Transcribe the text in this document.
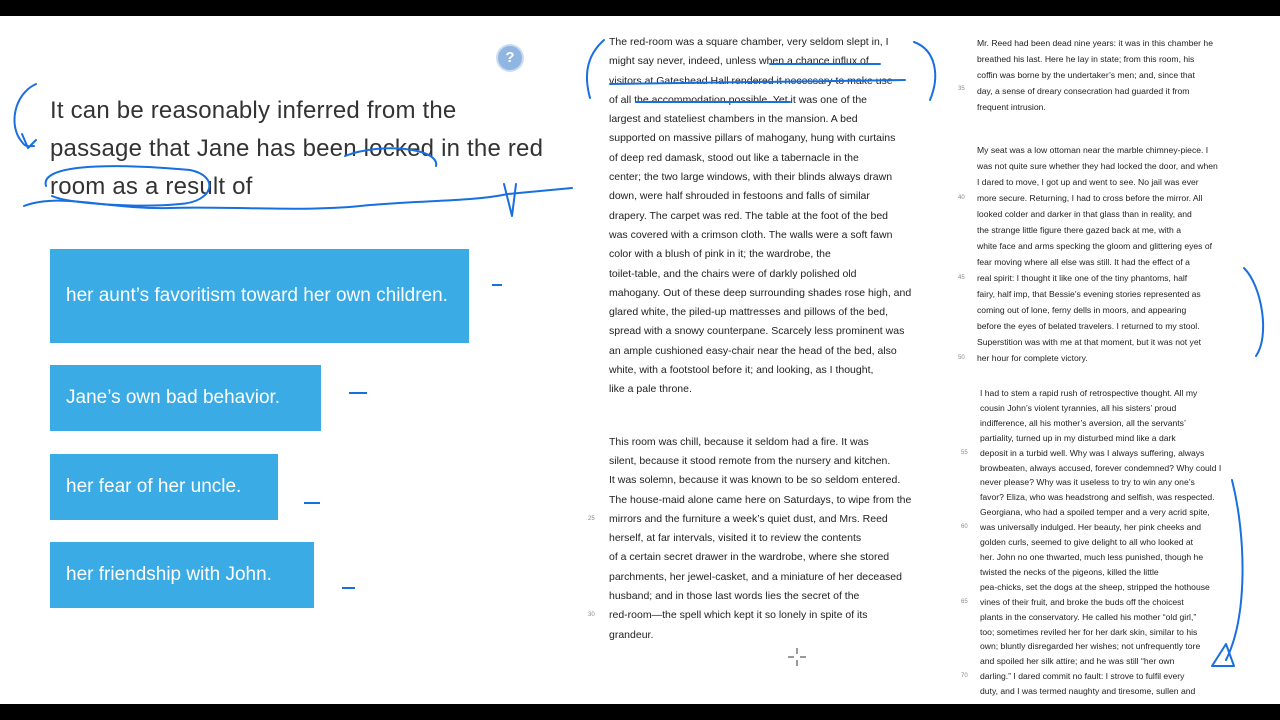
It can be reasonably inferred from the passage that Jane has been locked in the red room as a result of
?
her aunt’s favoritism toward her own children.
Jane’s own bad behavior.
her fear of her uncle.
her friendship with John.

The red-room was a square chamber, very seldom slept in, I

might say never, indeed, unless when a chance influx of

visitors at Gateshead Hall rendered it necessary to make use

of all the accommodation possible. Yet it was one of the

largest and stateliest chambers in the mansion. A bed

supported on massive pillars of mahogany, hung with curtains

of deep red damask, stood out like a tabernacle in the

center; the two large windows, with their blinds always drawn

down, were half shrouded in festoons and falls of similar

drapery. The carpet was red. The table at the foot of the bed

was covered with a crimson cloth. The walls were a soft fawn

color with a blush of pink in it; the wardrobe, the

toilet-table, and the chairs were of darkly polished old

mahogany. Out of these deep surrounding shades rose high, and

glared white, the piled-up mattresses and pillows of the bed,

spread with a snowy counterpane. Scarcely less prominent was

an ample cushioned easy-chair near the head of the bed, also

white, with a footstool before it; and looking, as I thought,

like a pale throne.

This room was chill, because it seldom had a fire. It was

silent, because it stood remote from the nursery and kitchen.

It was solemn, because it was known to be so seldom entered.

The house-maid alone came here on Saturdays, to wipe from the

mirrors and the furniture a week’s quiet dust, and Mrs. Reed

herself, at far intervals, visited it to review the contents

of a certain secret drawer in the wardrobe, where she stored

parchments, her jewel-casket, and a miniature of her deceased

husband; and in those last words lies the secret of the

red-room—the spell which kept it so lonely in spite of its

grandeur.

25
30

Mr. Reed had been dead nine years: it was in this chamber he

breathed his last. Here he lay in state; from this room, his

coffin was borne by the undertaker’s men; and, since that

day, a sense of dreary consecration had guarded it from

frequent intrusion.

My seat was a low ottoman near the marble chimney-piece. I

was not quite sure whether they had locked the door, and when

I dared to move, I got up and went to see. No jail was ever

more secure. Returning, I had to cross before the mirror. All

looked colder and darker in that glass than in reality, and

the strange little figure there gazed back at me, with a

white face and arms specking the gloom and glittering eyes of

fear moving where all else was still. It had the effect of a

real spirit: I thought it like one of the tiny phantoms, half

fairy, half imp, that Bessie’s evening stories represented as

coming out of lone, ferny dells in moors, and appearing

before the eyes of belated travelers. I returned to my stool.

Superstition was with me at that moment, but it was not yet

her hour for complete victory.

I had to stem a rapid rush of retrospective thought. All my

cousin John’s violent tyrannies, all his sisters’ proud

indifference, all his mother’s aversion, all the servants’

partiality, turned up in my disturbed mind like a dark

deposit in a turbid well. Why was I always suffering, always

browbeaten, always accused, forever condemned? Why could I

never please? Why was it useless to try to win any one’s

favor? Eliza, who was headstrong and selfish, was respected.

Georgiana, who had a spoiled temper and a very acrid spite,

was universally indulged. Her beauty, her pink cheeks and

golden curls, seemed to give delight to all who looked at

her. John no one thwarted, much less punished, though he

twisted the necks of the pigeons, killed the little

pea-chicks, set the dogs at the sheep, stripped the hothouse

vines of their fruit, and broke the buds off the choicest

plants in the conservatory. He called his mother “old girl,”

too; sometimes reviled her for her dark skin, similar to his

own; bluntly disregarded her wishes; not unfrequently tore

and spoiled her silk attire; and he was still “her own

darling.” I dared commit no fault: I strove to fulfil every

duty, and I was termed naughty and tiresome, sullen and

35
40
45
50
55
60
65
70
